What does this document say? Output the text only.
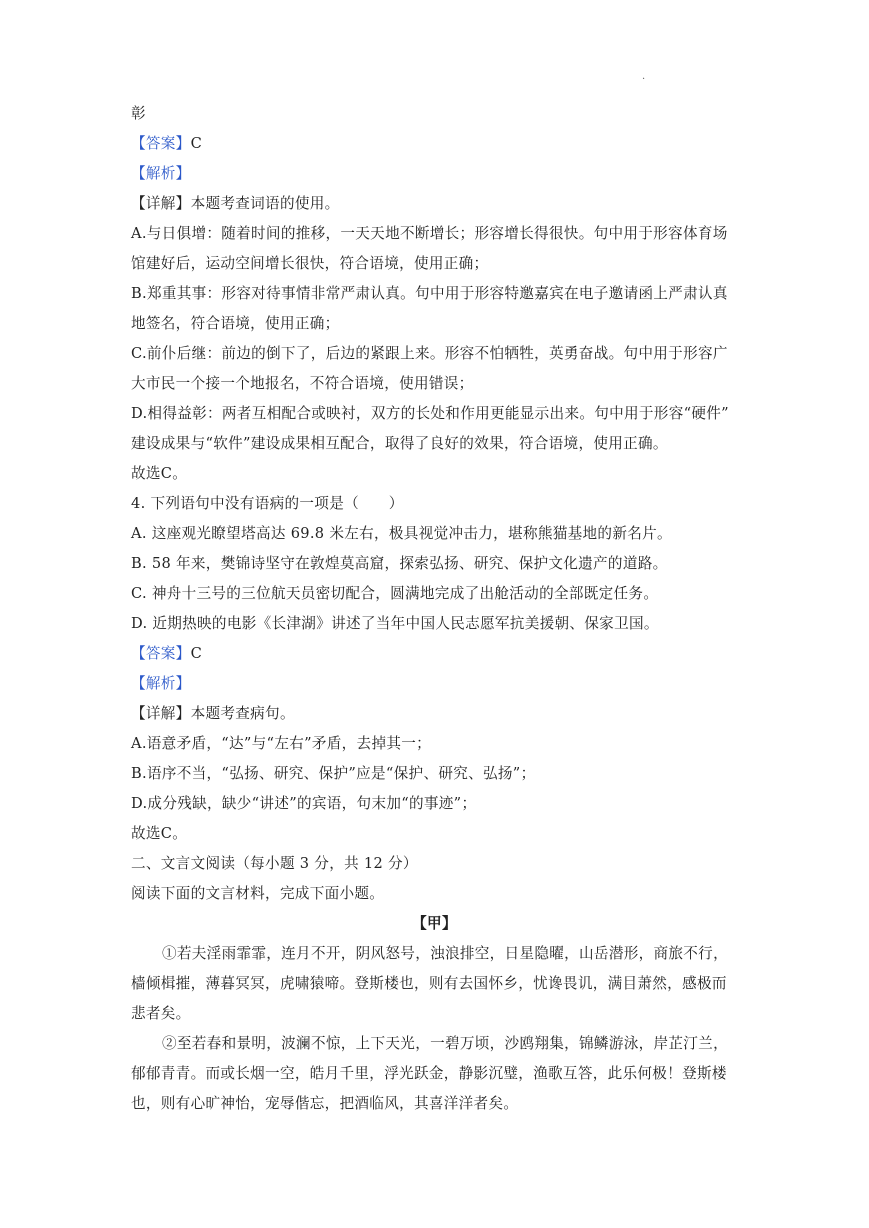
·
彰
【答案】C
【解析】
【详解】本题考查词语的使用。
A.与日俱增：随着时间的推移，一天天地不断增长；形容增长得很快。句中用于形容体育场
馆建好后，运动空间增长很快，符合语境，使用正确；
B.郑重其事：形容对待事情非常严肃认真。句中用于形容特邀嘉宾在电子邀请函上严肃认真
地签名，符合语境，使用正确；
C.前仆后继：前边的倒下了，后边的紧跟上来。形容不怕牺牲，英勇奋战。句中用于形容广
大市民一个接一个地报名，不符合语境，使用错误；
D.相得益彰：两者互相配合或映衬，双方的长处和作用更能显示出来。句中用于形容“硬件”
建设成果与“软件”建设成果相互配合，取得了良好的效果，符合语境，使用正确。
故选C。
4. 下列语句中没有语病的一项是（　　）
A. 这座观光瞭望塔高达 69.8 米左右，极具视觉冲击力，堪称熊猫基地的新名片。
B. 58 年来，樊锦诗坚守在敦煌莫高窟，探索弘扬、研究、保护文化遗产的道路。
C. 神舟十三号的三位航天员密切配合，圆满地完成了出舱活动的全部既定任务。
D. 近期热映的电影《长津湖》讲述了当年中国人民志愿军抗美援朝、保家卫国。
【答案】C
【解析】
【详解】本题考查病句。
A.语意矛盾，“达”与“左右”矛盾，去掉其一；
B.语序不当，“弘扬、研究、保护”应是“保护、研究、弘扬”；
D.成分残缺，缺少“讲述”的宾语，句末加“的事迹”；
故选C。
二、文言文阅读（每小题 3 分，共 12 分）
阅读下面的文言材料，完成下面小题。
【甲】
①若夫淫雨霏霏，连月不开，阴风怒号，浊浪排空，日星隐曜，山岳潜形，商旅不行，
樯倾楫摧，薄暮冥冥，虎啸猿啼。登斯楼也，则有去国怀乡，忧谗畏讥，满目萧然，感极而
悲者矣。
②至若春和景明，波澜不惊，上下天光，一碧万顷，沙鸥翔集，锦鳞游泳，岸芷汀兰，
郁郁青青。而或长烟一空，皓月千里，浮光跃金，静影沉璧，渔歌互答，此乐何极！登斯楼
也，则有心旷神怡，宠辱偕忘，把酒临风，其喜洋洋者矣。
